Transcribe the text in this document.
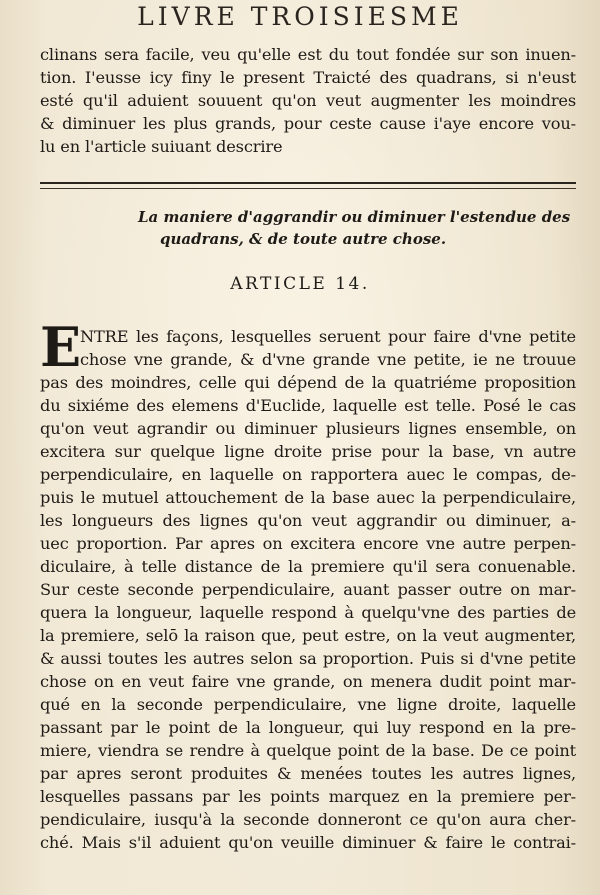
LIVRE TROISIESME
clinans sera facile, veu qu'elle est du tout fondée sur son inuen-
tion. I'eusse icy finy le present Traicté des quadrans, si n'eust
esté qu'il aduient souuent qu'on veut augmenter les moindres
& diminuer les plus grands, pour ceste cause i'aye encore vou-
lu en l'article suiuant descrire
La maniere d'aggrandir ou diminuer l'estendue des
quadrans, & de toute autre chose.
ARTICLE 14.
E
NTRE les façons, lesquelles seruent pour faire d'vne petite
chose vne grande, & d'vne grande vne petite, ie ne trouue
pas des moindres, celle qui dépend de la quatriéme proposition
du sixiéme des elemens d'Euclide, laquelle est telle. Posé le cas
qu'on veut agrandir ou diminuer plusieurs lignes ensemble, on
excitera sur quelque ligne droite prise pour la base, vn autre
perpendiculaire, en laquelle on rapportera auec le compas, de-
puis le mutuel attouchement de la base auec la perpendiculaire,
les longueurs des lignes qu'on veut aggrandir ou diminuer, a-
uec proportion. Par apres on excitera encore vne autre perpen-
diculaire, à telle distance de la premiere qu'il sera conuenable.
Sur ceste seconde perpendiculaire, auant passer outre on mar-
quera la longueur, laquelle respond à quelqu'vne des parties de
la premiere, selō la raison que, peut estre, on la veut augmenter,
& aussi toutes les autres selon sa proportion. Puis si d'vne petite
chose on en veut faire vne grande, on menera dudit point mar-
qué en la seconde perpendiculaire, vne ligne droite, laquelle
passant par le point de la longueur, qui luy respond en la pre-
miere, viendra se rendre à quelque point de la base. De ce point
par apres seront produites & menées toutes les autres lignes,
lesquelles passans par les points marquez en la premiere per-
pendiculaire, iusqu'à la seconde donneront ce qu'on aura cher-
ché. Mais s'il aduient qu'on veuille diminuer & faire le contrai-
